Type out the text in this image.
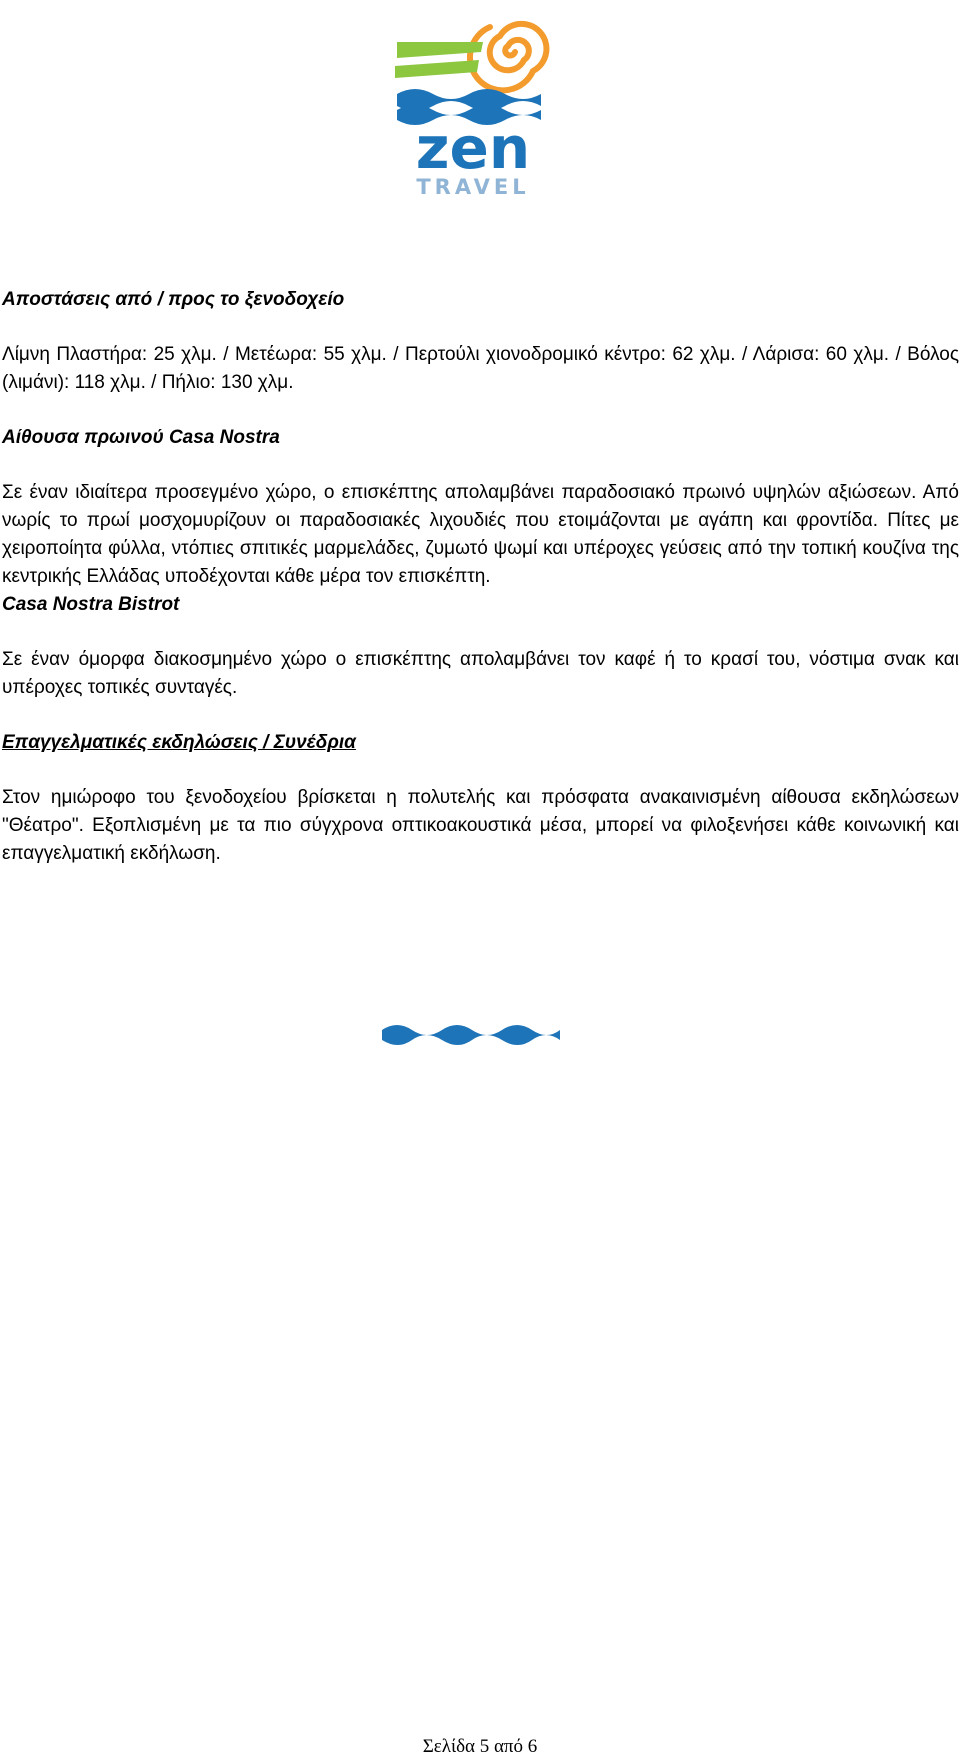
zen
TRAVEL

Αποστάσεις από / προς το ξενοδοχείο

Λίμνη Πλαστήρα: 25 χλμ. / Μετέωρα: 55 χλμ. / Περτούλι χιονοδρομικό κέντρο: 62 χλμ. / Λάρισα: 60 χλμ. / Βόλος (λιμάνι): 118 χλμ. / Πήλιο: 130 χλμ.

Αίθουσα πρωινού Casa Nostra

Σε έναν ιδιαίτερα προσεγμένο χώρο, ο επισκέπτης απολαμβάνει παραδοσιακό πρωινό υψηλών αξιώσεων. Από νωρίς το πρωί μοσχομυρίζουν οι παραδοσιακές λιχουδιές που ετοιμάζονται με αγάπη και φροντίδα. Πίτες με χειροποίητα φύλλα, ντόπιες σπιτικές μαρμελάδες, ζυμωτό ψωμί και υπέροχες γεύσεις από την τοπική κουζίνα της κεντρικής Ελλάδας υποδέχονται κάθε μέρα τον επισκέπτη.

Casa Nostra Bistrot

Σε έναν όμορφα διακοσμημένο χώρο ο επισκέπτης απολαμβάνει τον καφέ ή το κρασί του, νόστιμα σνακ και υπέροχες τοπικές συνταγές.

Επαγγελματικές εκδηλώσεις / Συνέδρια

Στον ημιώροφο του ξενοδοχείου βρίσκεται η πολυτελής και πρόσφατα ανακαινισμένη αίθουσα εκδηλώσεων "Θέατρο". Εξοπλισμένη με τα πιο σύγχρονα οπτικοακουστικά μέσα, μπορεί να φιλοξενήσει κάθε κοινωνική και επαγγελματική εκδήλωση.

Σελίδα 5 από 6
